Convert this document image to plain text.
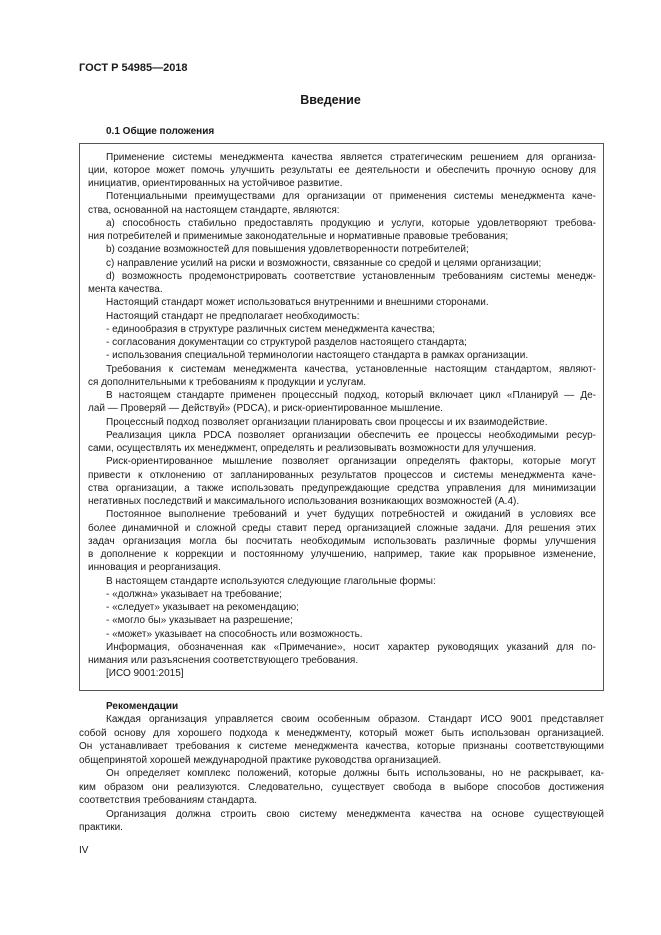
ГОСТ Р 54985—2018
Введение
0.1 Общие положения
Применение системы менеджмента качества является стратегическим решением для организа-
ции, которое может помочь улучшить результаты ее деятельности и обеспечить прочную основу для
инициатив, ориентированных на устойчивое развитие.
Потенциальными преимуществами для организации от применения системы менеджмента каче-
ства, основанной на настоящем стандарте, являются:
a) способность стабильно предоставлять продукцию и услуги, которые удовлетворяют требова-
ния потребителей и применимые законодательные и нормативные правовые требования;
b) создание возможностей для повышения удовлетворенности потребителей;
c) направление усилий на риски и возможности, связанные со средой и целями организации;
d) возможность продемонстрировать соответствие установленным требованиям системы менедж-
мента качества.
Настоящий стандарт может использоваться внутренними и внешними сторонами.
Настоящий стандарт не предполагает необходимость:
- единообразия в структуре различных систем менеджмента качества;
- согласования документации со структурой разделов настоящего стандарта;
- использования специальной терминологии настоящего стандарта в рамках организации.
Требования к системам менеджмента качества, установленные настоящим стандартом, являют-
ся дополнительными к требованиям к продукции и услугам.
В настоящем стандарте применен процессный подход, который включает цикл «Планируй — Де-
лай — Проверяй — Действуй» (PDCA), и риск-ориентированное мышление.
Процессный подход позволяет организации планировать свои процессы и их взаимодействие.
Реализация цикла PDCA позволяет организации обеспечить ее процессы необходимыми ресур-
сами, осуществлять их менеджмент, определять и реализовывать возможности для улучшения.
Риск-ориентированное мышление позволяет организации определять факторы, которые могут
привести к отклонению от запланированных результатов процессов и системы менеджмента каче-
ства организации, а также использовать предупреждающие средства управления для минимизации
негативных последствий и максимального использования возникающих возможностей (A.4).
Постоянное выполнение требований и учет будущих потребностей и ожиданий в условиях все
более динамичной и сложной среды ставит перед организацией сложные задачи. Для решения этих
задач организация могла бы посчитать необходимым использовать различные формы улучшения
в дополнение к коррекции и постоянному улучшению, например, такие как прорывное изменение,
инновация и реорганизация.
В настоящем стандарте используются следующие глагольные формы:
- «должна» указывает на требование;
- «следует» указывает на рекомендацию;
- «могло бы» указывает на разрешение;
- «может» указывает на способность или возможность.
Информация, обозначенная как «Примечание», носит характер руководящих указаний для по-
нимания или разъяснения соответствующего требования.
[ИСО 9001:2015]
Рекомендации
Каждая организация управляется своим особенным образом. Стандарт ИСО 9001 представляет
собой основу для хорошего подхода к менеджменту, который может быть использован организацией.
Он устанавливает требования к системе менеджмента качества, которые признаны соответствующими
общепринятой хорошей международной практике руководства организацией.
Он определяет комплекс положений, которые должны быть использованы, но не раскрывает, ка-
ким образом они реализуются. Следовательно, существует свобода в выборе способов достижения
соответствия требованиям стандарта.
Организация должна строить свою систему менеджмента качества на основе существующей
практики.
IV
